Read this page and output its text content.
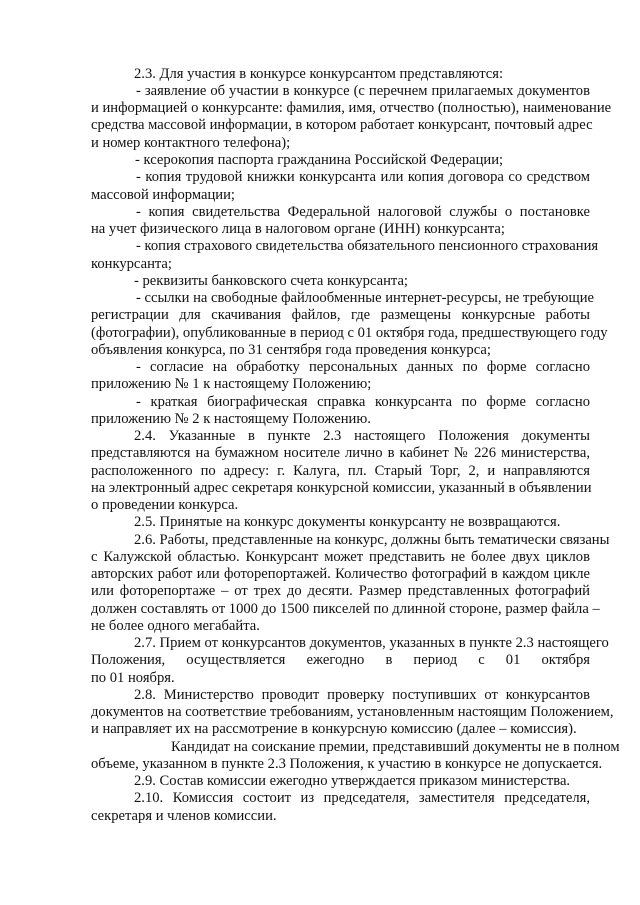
2.3. Для участия в конкурсе конкурсантом представляются:
- заявление об участии в конкурсе (с перечнем прилагаемых документов
и информацией о конкурсанте: фамилия, имя, отчество (полностью), наименование
средства массовой информации, в котором работает конкурсант, почтовый адрес
и номер контактного телефона);
- ксерокопия паспорта гражданина Российской Федерации;
- копия трудовой книжки конкурсанта или копия договора со средством
массовой информации;
- копия свидетельства Федеральной налоговой службы о постановке
на учет физического лица в налоговом органе (ИНН) конкурсанта;
- копия страхового свидетельства обязательного пенсионного страхования
конкурсанта;
- реквизиты банковского счета конкурсанта;
- ссылки на свободные файлообменные интернет-ресурсы, не требующие
регистрации для скачивания файлов, где размещены конкурсные работы
(фотографии), опубликованные в период с 01 октября года, предшествующего году
объявления конкурса, по 31 сентября года проведения конкурса;
- согласие на обработку персональных данных по форме согласно
приложению № 1 к настоящему Положению;
- краткая биографическая справка конкурсанта по форме согласно
приложению № 2 к настоящему Положению.
2.4. Указанные в пункте 2.3 настоящего Положения документы
представляются на бумажном носителе лично в кабинет № 226 министерства,
расположенного по адресу: г. Калуга, пл. Старый Торг, 2, и направляются
на электронный адрес секретаря конкурсной комиссии, указанный в объявлении
о проведении конкурса.
2.5. Принятые на конкурс документы конкурсанту не возвращаются.
2.6. Работы, представленные на конкурс, должны быть тематически связаны
с Калужской областью. Конкурсант может представить не более двух циклов
авторских работ или фоторепортажей. Количество фотографий в каждом цикле
или фоторепортаже – от трех до десяти. Размер представленных фотографий
должен составлять от 1000 до 1500 пикселей по длинной стороне, размер файла –
не более одного мегабайта.
2.7. Прием от конкурсантов документов, указанных в пункте 2.3 настоящего
Положения, осуществляется ежегодно в период с 01 октября
по 01 ноября.
2.8. Министерство проводит проверку поступивших от конкурсантов
документов на соответствие требованиям, установленным настоящим Положением,
и направляет их на рассмотрение в конкурсную комиссию (далее – комиссия).
Кандидат на соискание премии, представивший документы не в полном
объеме, указанном в пункте 2.3 Положения, к участию в конкурсе не допускается.
2.9. Состав комиссии ежегодно утверждается приказом министерства.
2.10. Комиссия состоит из председателя, заместителя председателя,
секретаря и членов комиссии.
